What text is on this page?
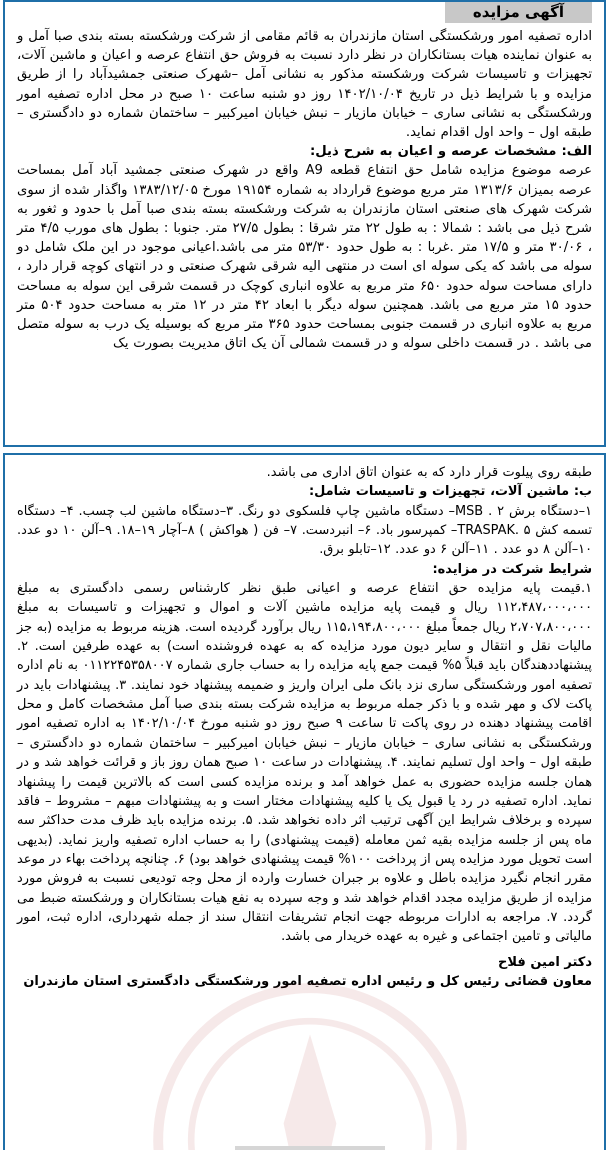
آگهی مزایده

اداره تصفیه امور ورشکستگی استان مازندران به قائم مقامی از شرکت ورشکسته بسته بندی صبا آمل و به عنوان نماینده هیات بستانکاران در نظر دارد نسبت به فروش حق انتفاع عرصه و اعیان و ماشین آلات، تجهیزات و تاسیسات شرکت ورشکسته مذکور به نشانی آمل –شهرک صنعتی جمشیدآباد را از طریق مزایده و با شرایط ذیل در تاریخ ۱۴۰۲/۱۰/۰۴ روز دو شنبه ساعت ۱۰ صبح در محل اداره تصفیه امور ورشکستگی به نشانی ساری – خیابان مازیار – نبش خیابان امیرکبیر – ساختمان شماره دو دادگستری – طبقه اول – واحد اول اقدام نماید.

الف: مشخصات عرصه و اعیان به شرح ذیل:

عرصه موضوع مزایده شامل حق انتفاع قطعه A9 واقع در شهرک صنعتی جمشید آباد آمل بمساحت عرصه بمیزان ۱۳۱۳/۶ متر مربع موضوع قرارداد به شماره ۱۹۱۵۴ مورخ ۱۳۸۳/۱۲/۰۵ واگذار شده از سوی شرکت شهرک های صنعتی استان مازندران به شرکت ورشکسته بسته بندی صبا آمل با حدود و ثغور به شرح ذیل می باشد : شمالا : به طول ۲۲ متر شرقا : بطول ۲۷/۵ متر. جنوبا : بطول های مورب ۴/۵ متر ، ۳۰/۰۶ متر و ۱۷/۵ متر .غربا : به طول حدود ۵۳/۳۰ متر می باشد.اعیانی موجود در این ملک شامل دو سوله می باشد که یکی سوله ای است در منتهی الیه شرقی شهرک صنعتی و در انتهای کوچه قرار دارد ، دارای مساحت سوله حدود ۶۵۰ متر مربع به علاوه انباری کوچک در قسمت شرقی این سوله به مساحت حدود ۱۵ متر مربع می باشد. همچنین سوله دیگر با ابعاد ۴۲ متر در ۱۲ متر به مساحت حدود ۵۰۴ متر مربع به علاوه انباری در قسمت جنوبی بمساحت حدود ۳۶۵ متر مربع که بوسیله یک درب به سوله متصل می باشد . در قسمت داخلی سوله و در قسمت شمالی آن یک اتاق مدیریت بصورت یک

طبقه روی پیلوت قرار دارد که به عنوان اتاق اداری می باشد.

ب: ماشین آلات، تجهیزات و تاسیسات شامل:

۱–دستگاه برش MSB . ۲– دستگاه ماشین چاپ فلسکوی دو رنگ. ۳–دستگاه ماشین لب چسب. ۴– دستگاه تسمه کش TRASPAK. ۵– کمپرسور باد. ۶– انبردست. ۷– فن ( هواکش ) ۸–آچار ۱۹–۱۸. ۹–آلن ۱۰ دو عدد. ۱۰–آلن ۸ دو عدد . ۱۱–آلن ۶ دو عدد. ۱۲–تابلو برق.

شرایط شرکت در مزایده:

۱.قیمت پایه مزایده حق انتفاع عرصه و اعیانی طبق نظر کارشناس رسمی دادگستری به مبلغ ۱۱۲،۴۸۷،۰۰۰،۰۰۰ ریال و قیمت پایه مزایده ماشین آلات و اموال و تجهیزات و تاسیسات به مبلغ ۲،۷۰۷،۸۰۰،۰۰۰ ریال جمعاً مبلغ ۱۱۵،۱۹۴،۸۰۰،۰۰۰ ریال برآورد گردیده است. هزینه مربوط به مزایده (به جز مالیات نقل و انتقال و سایر دیون مورد مزایده که به عهده فروشنده است) به عهده طرفین است. ۲. پیشنهاددهندگان باید قبلاً ۵% قیمت جمع پایه مزایده را به حساب جاری شماره ۰۱۱۲۲۴۵۳۵۸۰۰۷ به نام اداره تصفیه امور ورشکستگی ساری نزد بانک ملی ایران واریز و ضمیمه پیشنهاد خود نمایند. ۳. پیشنهادات باید در پاکت لاک و مهر شده و با ذکر جمله مربوط به مزایده شرکت بسته بندی صبا آمل مشخصات کامل و محل اقامت پیشنهاد دهنده در روی پاکت تا ساعت ۹ صبح روز دو شنبه مورخ ۱۴۰۲/۱۰/۰۴ به اداره تصفیه امور ورشکستگی به نشانی ساری – خیابان مازیار – نبش خیابان امیرکبیر – ساختمان شماره دو دادگستری – طبقه اول – واحد اول تسلیم نمایند. ۴. پیشنهادات در ساعت ۱۰ صبح همان روز باز و قرائت خواهد شد و در همان جلسه مزایده حضوری به عمل خواهد آمد و برنده مزایده کسی است که بالاترین قیمت را پیشنهاد نماید. اداره تصفیه در رد یا قبول یک یا کلیه پیشنهادات مختار است و به پیشنهادات مبهم – مشروط – فاقد سپرده و برخلاف شرایط این آگهی ترتیب اثر داده نخواهد شد. ۵. برنده مزایده باید ظرف مدت حداکثر سه ماه پس از جلسه مزایده بقیه ثمن معامله (قیمت پیشنهادی) را به حساب اداره تصفیه واریز نماید. (بدیهی است تحویل مورد مزایده پس از پرداخت ۱۰۰% قیمت پیشنهادی خواهد بود) ۶. چنانچه پرداخت بهاء در موعد مقرر انجام نگیرد مزایده باطل و علاوه بر جبران خسارت وارده از محل وجه تودیعی نسبت به فروش مورد مزایده از طریق مزایده مجدد اقدام خواهد شد و وجه سپرده به نفع هیات بستانکاران و ورشکسته ضبط می گردد. ۷. مراجعه به ادارات مربوطه جهت انجام تشریفات انتقال سند از جمله شهرداری، اداره ثبت، امور مالیاتی و تامین اجتماعی و غیره به عهده خریدار می باشد.

دکتر امین فلاح

معاون قضائی رئیس کل و رئیس اداره تصفیه امور ورشکستگی دادگستری استان مازندران
